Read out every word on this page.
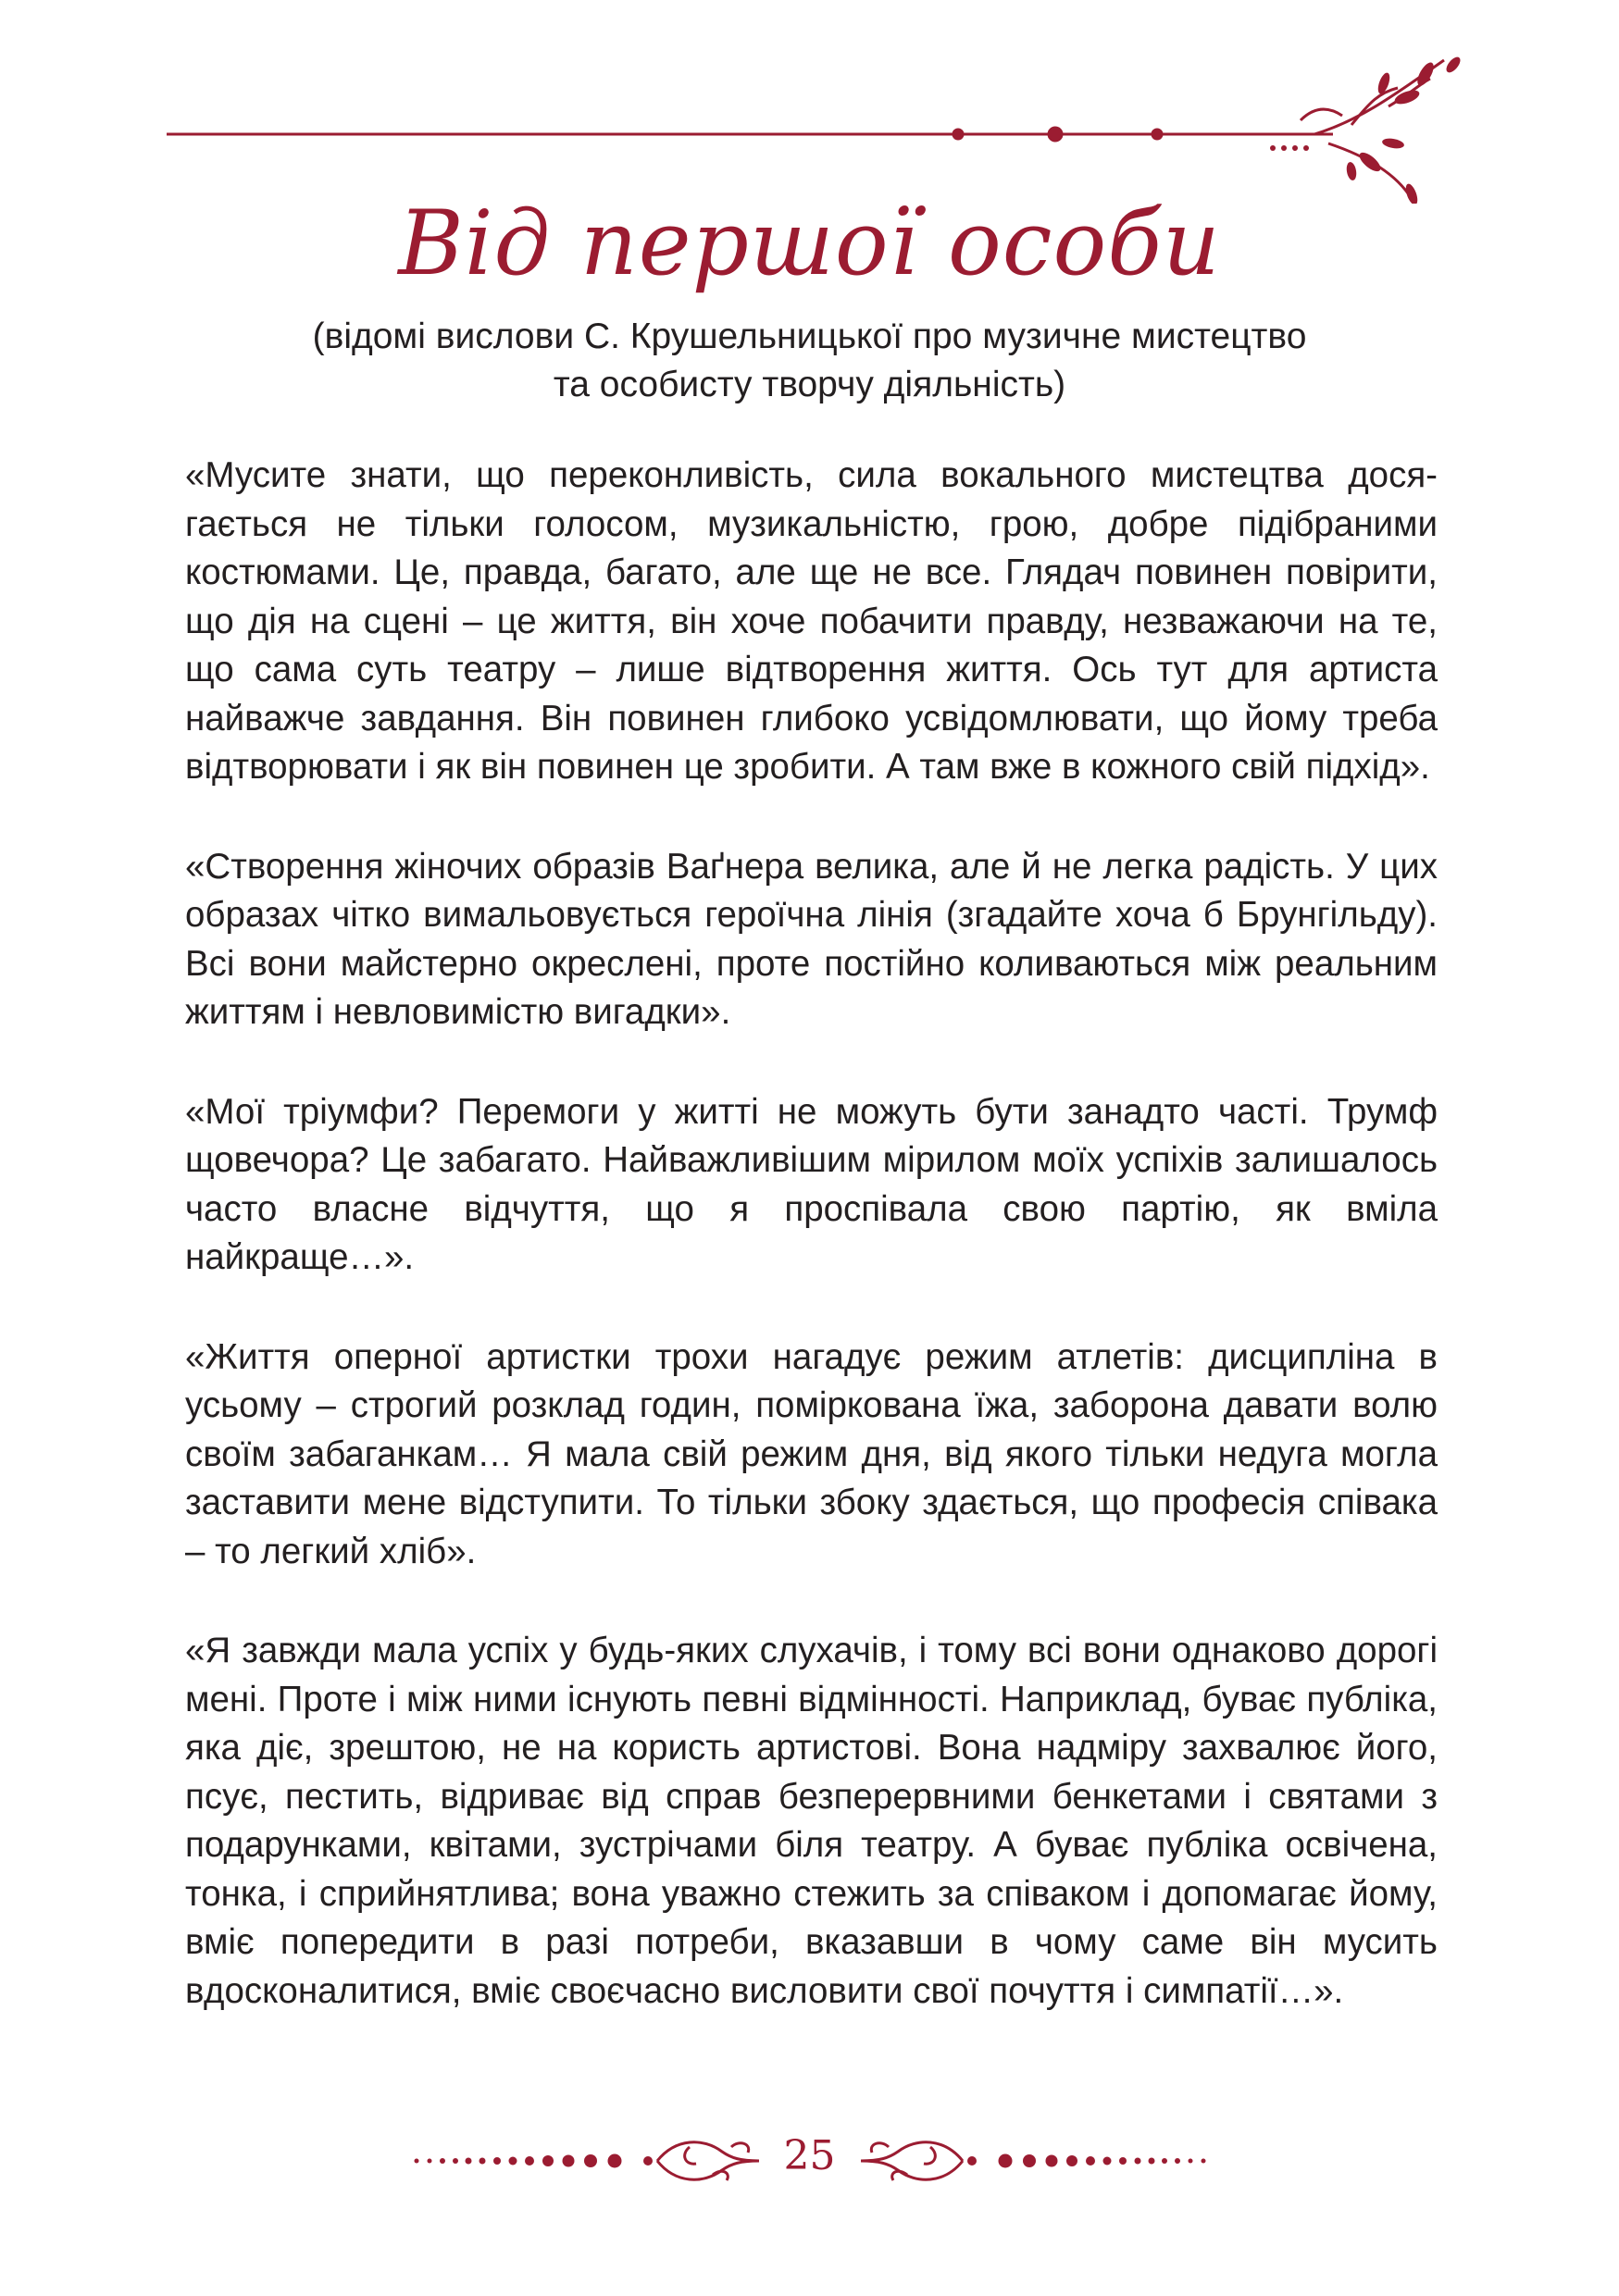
Від першої особи
(відомі вислови С. Крушельницької про музичне мистецтво
та особисту творчу діяльність)

«Мусите знати, що переконливість, сила вокального мистецтва досягається не тільки голосом, музикальністю, грою, добре підібраними костюмами. Це, правда, багато, але ще не все. Глядач повинен повірити, що дія на сцені – це життя, він хоче побачити правду, незважаючи на те, що сама суть театру – лише відтворення життя. Ось тут для артиста найважче завдання. Він повинен глибоко усвідомлювати, що йому треба відтворювати і як він повинен це зробити. А там вже в кожного свій підхід».

«Створення жіночих образів Ваґнера велика, але й не легка радість. У цих образах чітко вимальовується героїчна лінія (згадайте хоча б Брунгільду). Всі вони майстерно окреслені, проте постійно коливаються між реальним життям і невловимістю вигадки».

«Мої тріумфи? Перемоги у житті не можуть бути занадто часті. Трумф щовечора? Це забагато. Найважливішим мірилом моїх успіхів залишалось часто власне відчуття, що я проспівала свою партію, як вміла найкраще…».

«Життя оперної артистки трохи нагадує режим атлетів: дисципліна в усьому – строгий розклад годин, поміркована їжа, заборона давати волю своїм забаганкам… Я мала свій режим дня, від якого тільки недуга могла заставити мене відступити. То тільки збоку здається, що професія співака – то легкий хліб».

«Я завжди мала успіх у будь-яких слухачів, і тому всі вони однаково дорогі мені. Проте і між ними існують певні відмінності. Наприклад, буває публіка, яка діє, зрештою, не на користь артистові. Вона надміру захвалює його, псує, пестить, відриває від справ безперервними бенкетами і святами з подарунками, квітами, зустрічами біля театру. А буває публіка освічена, тонка, і сприйнятлива; вона уважно стежить за співаком і допомагає йому, вміє попередити в разі потреби, вказавши в чому саме він мусить вдосконалитися, вміє своєчасно висловити свої почуття і симпатії…».

25
